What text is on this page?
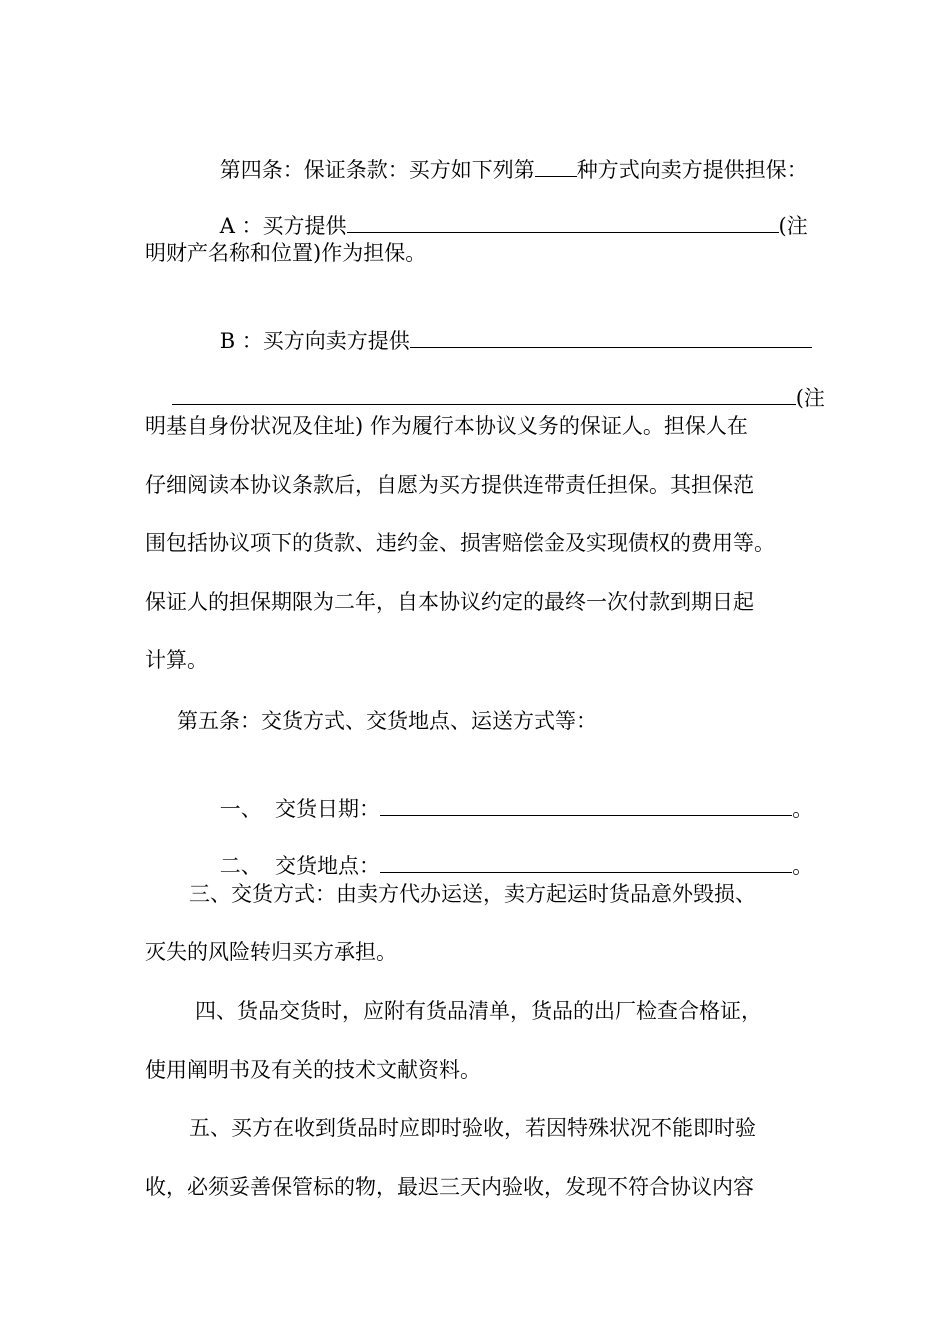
第四条：保证条款：买方如下列第 种方式向卖方提供担保：

A ：买方提供	(注

明财产名称和位置)作为担保。

B ：买方向卖方提供

(注

明基自身份状况及住址) 作为履行本协议义务的保证人。担保人在
仔细阅读本协议条款后，自愿为买方提供连带责任担保。其担保范
围包括协议项下的货款、违约金、损害赔偿金及实现债权的费用等。
保证人的担保期限为二年，自本协议约定的最终一次付款到期日起
计算。
第五条：交货方式、交货地点、运送方式等：

一、  交货日期：	。

二、  交货地点：	。

三、交货方式：由卖方代办运送，卖方起运时货品意外毁损、
灭失的风险转归买方承担。
四、货品交货时，应附有货品清单，货品的出厂检查合格证，
使用阐明书及有关的技术文献资料。
五、买方在收到货品时应即时验收，若因特殊状况不能即时验
收，必须妥善保管标的物，最迟三天内验收，发现不符合协议内容
